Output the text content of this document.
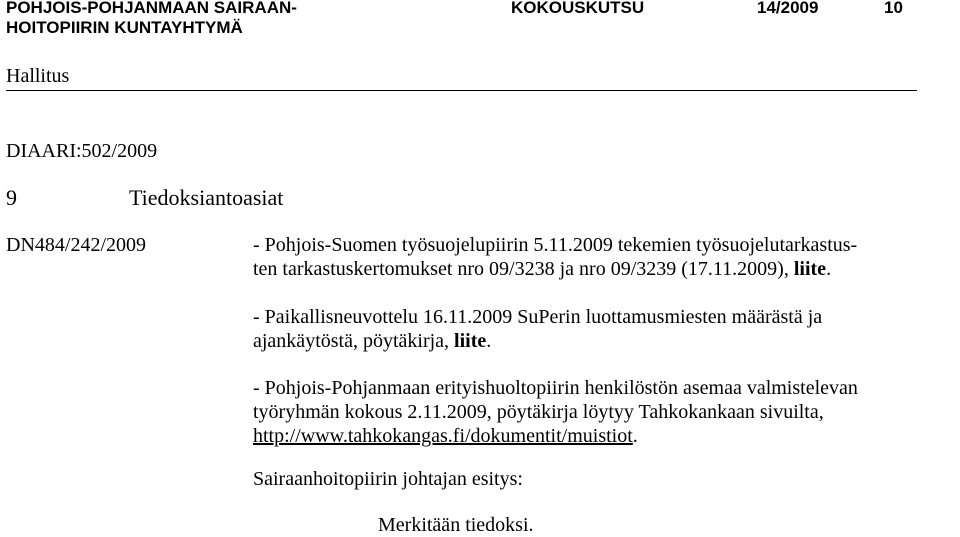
POHJOIS-POHJANMAAN SAIRAAN-
HOITOPIIRIN KUNTAYHTYMÄ
KOKOUSKUTSU	14/2009	10
Hallitus
DIAARI:502/2009
9	Tiedoksiantoasiat
DN484/242/2009	- Pohjois-Suomen työsuojelupiirin 5.11.2009 tekemien työsuojelutarkastus-

ten tarkastuskertomukset nro 09/3238 ja nro 09/3239 (17.11.2009), liite.

- Paikallisneuvottelu 16.11.2009 SuPerin luottamusmiesten määrästä ja

ajankäytöstä, pöytäkirja, liite.

- Pohjois-Pohjanmaan erityishuoltopiirin henkilöstön asemaa valmistelevan

työryhmän kokous 2.11.2009, pöytäkirja löytyy Tahkokankaan sivuilta,

http://www.tahkokangas.fi/dokumentit/muistiot.

Sairaanhoitopiirin johtajan esitys:

Merkitään tiedoksi.
